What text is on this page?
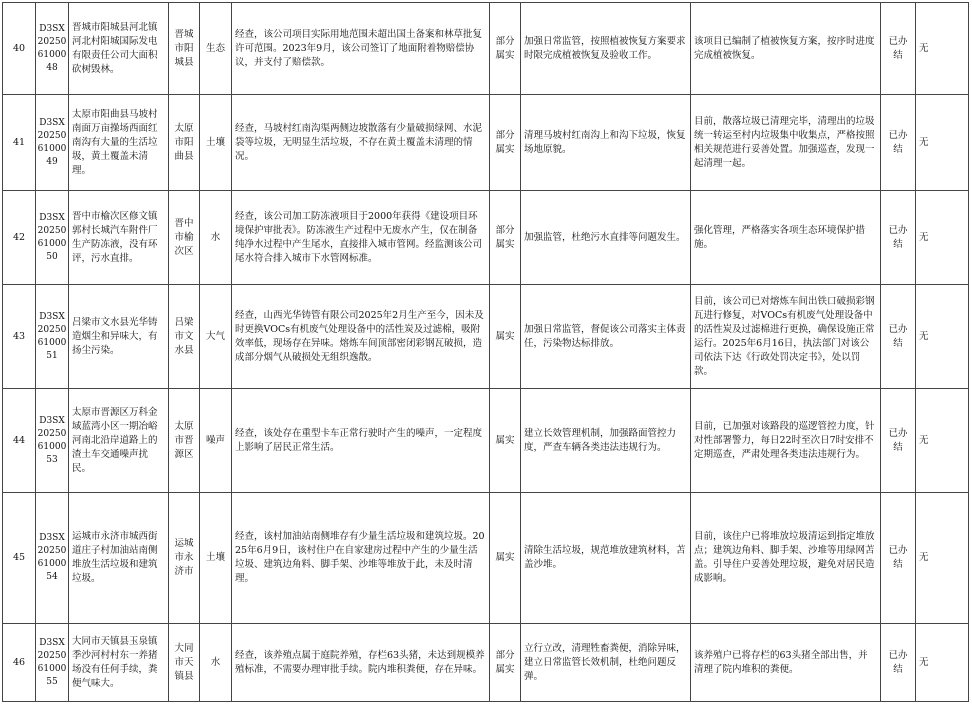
40	D3SX202506100048	晋城市阳城县河北镇河北村阳城国际发电有限责任公司大面积砍树毁林。	晋城市阳城县	生态	经查，该公司项目实际用地范围未超出国土备案和林草批复许可范围。2023年9月，该公司签订了地面附着物赔偿协议，并支付了赔偿款。	部分属实	加强日常监管，按照植被恢复方案要求时限完成植被恢复及验收工作。	该项目已编制了植被恢复方案，按序时进度完成植被恢复。	已办结	无
41	D3SX202506100049	太原市阳曲县马坡村南面万亩操场西面红南沟有大量的生活垃圾，黄土覆盖未清理。	太原市阳曲县	土壤	经查，马坡村红南沟渠两侧边坡散落有少量破损绿网、水泥袋等垃圾，无明显生活垃圾，不存在黄土覆盖未清理的情况。	部分属实	清理马坡村红南沟上和沟下垃圾，恢复场地原貌。	目前，散落垃圾已清理完毕，清理出的垃圾统一转运至村内垃圾集中收集点，严格按照相关规范进行妥善处置。加强巡查，发现一起清理一起。	已办结	无
42	D3SX202506100050	晋中市榆次区修文镇郭村长城汽车附件厂生产防冻液，没有环评，污水直排。	晋中市榆次区	水	经查，该公司加工防冻液项目于2000年获得《建设项目环境保护审批表》。防冻液生产过程中无废水产生，仅在制备纯净水过程中产生尾水，直接排入城市管网。经监测该公司尾水符合排入城市下水管网标准。	部分属实	加强监管，杜绝污水直排等问题发生。	强化管理，严格落实各项生态环境保护措施。	已办结	无
43	D3SX202506100051	吕梁市文水县光华铸造烟尘和异味大，有扬尘污染。	吕梁市文水县	大气	经查，山西光华铸管有限公司2025年2月生产至今，因未及时更换VOCs有机废气处理设备中的活性炭及过滤棉，吸附效率低，现场存在异味。熔炼车间顶部密闭彩钢瓦破损，造成部分烟气从破损处无组织逸散。	属实	加强日常监管，督促该公司落实主体责任，污染物达标排放。	目前，该公司已对熔炼车间出铁口破损彩钢瓦进行修复，对VOCs有机废气处理设备中的活性炭及过滤棉进行更换，确保设施正常运行。2025年6月16日，执法部门对该公司依法下达《行政处罚决定书》，处以罚款。	已办结	无
44	D3SX202506100053	太原市晋源区万科金域蓝湾小区一期冶峪河南北沿岸道路上的渣土车交通噪声扰民。	太原市晋源区	噪声	经查，该处存在重型卡车正常行驶时产生的噪声，一定程度上影响了居民正常生活。	属实	建立长效管理机制，加强路面管控力度，严查车辆各类违法违规行为。	目前，已加强对该路段的巡逻管控力度，针对性部署警力，每日22时至次日7时安排不定期巡查，严肃处理各类违法违规行为。	已办结	无
45	D3SX202506100054	运城市永济市城西街道庄子村加油站南侧堆放生活垃圾和建筑垃圾。	运城市永济市	土壤	经查，该村加油站南侧堆存有少量生活垃圾和建筑垃圾。2025年6月9日，该村住户在自家建房过程中产生的少量生活垃圾、建筑边角料、脚手架、沙堆等堆放于此，未及时清理。	属实	清除生活垃圾，规范堆放建筑材料，苫盖沙堆。	目前，该住户已将堆放垃圾清运到指定堆放点；建筑边角料、脚手架、沙堆等用绿网苫盖。引导住户妥善处理垃圾，避免对居民造成影响。	已办结	无
46	D3SX202506100055	大同市天镇县玉泉镇季沙河村村东一养猪场没有任何手续，粪便气味大。	大同市天镇县	水	经查，该养殖点属于庭院养殖，存栏63头猪，未达到规模养殖标准，不需要办理审批手续。院内堆积粪便，存在异味。	部分属实	立行立改，清理牲畜粪便，消除异味，建立日常监管长效机制，杜绝问题反弹。	该养殖户已将存栏的63头猪全部出售，并清理了院内堆积的粪便。	已办结	无
